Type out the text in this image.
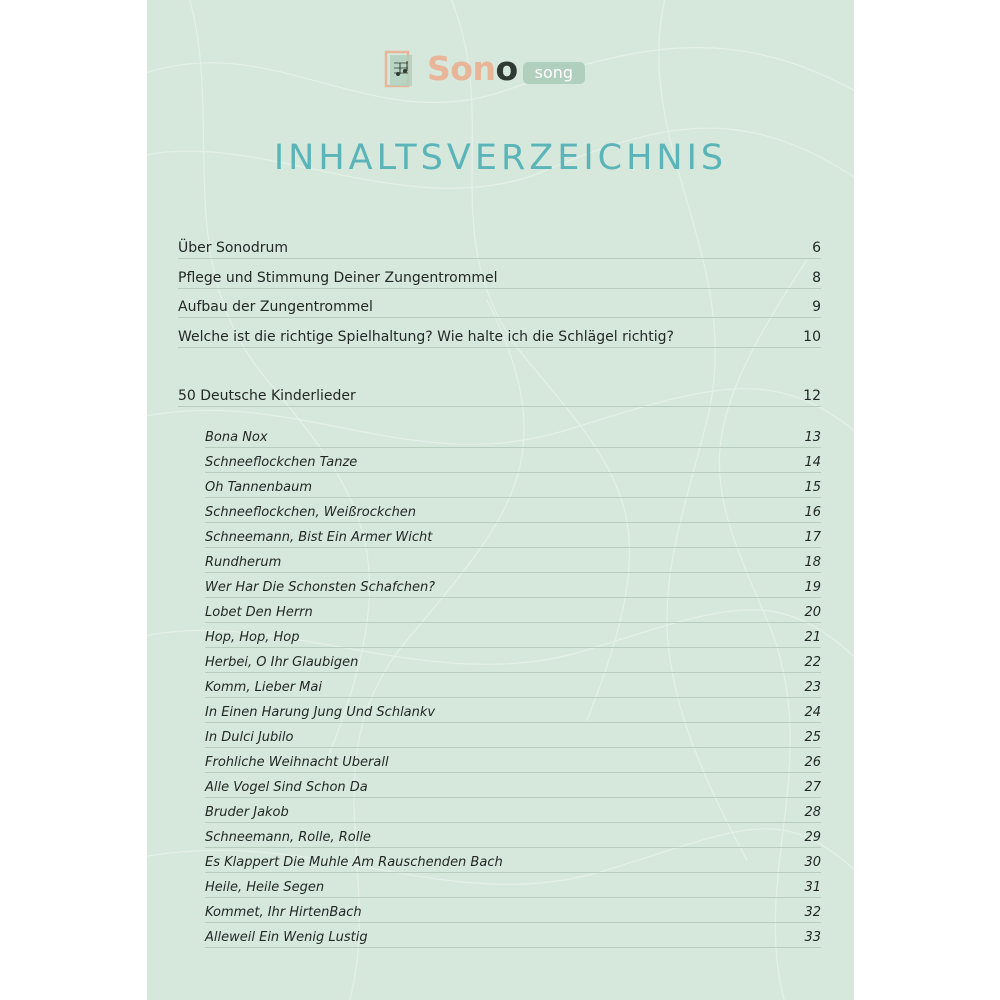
Sono	song
INHALTSVERZEICHNIS
Über Sonodrum	6
Pflege und Stimmung Deiner Zungentrommel	8
Aufbau der Zungentrommel	9
Welche ist die richtige Spielhaltung? Wie halte ich die Schlägel richtig?	10
50 Deutsche Kinderlieder	12
Bona Nox	13
Schneeflockchen Tanze	14
Oh Tannenbaum	15
Schneeflockchen, Weißrockchen	16
Schneemann, Bist Ein Armer Wicht	17
Rundherum	18
Wer Har Die Schonsten Schafchen?	19
Lobet Den Herrn	20
Hop, Hop, Hop	21
Herbei, O Ihr Glaubigen	22
Komm, Lieber Mai	23
In Einen Harung Jung Und Schlankv	24
In Dulci Jubilo	25
Frohliche Weihnacht Uberall	26
Alle Vogel Sind Schon Da	27
Bruder Jakob	28
Schneemann, Rolle, Rolle	29
Es Klappert Die Muhle Am Rauschenden Bach	30
Heile, Heile Segen	31
Kommet, Ihr HirtenBach	32
Alleweil Ein Wenig Lustig	33
